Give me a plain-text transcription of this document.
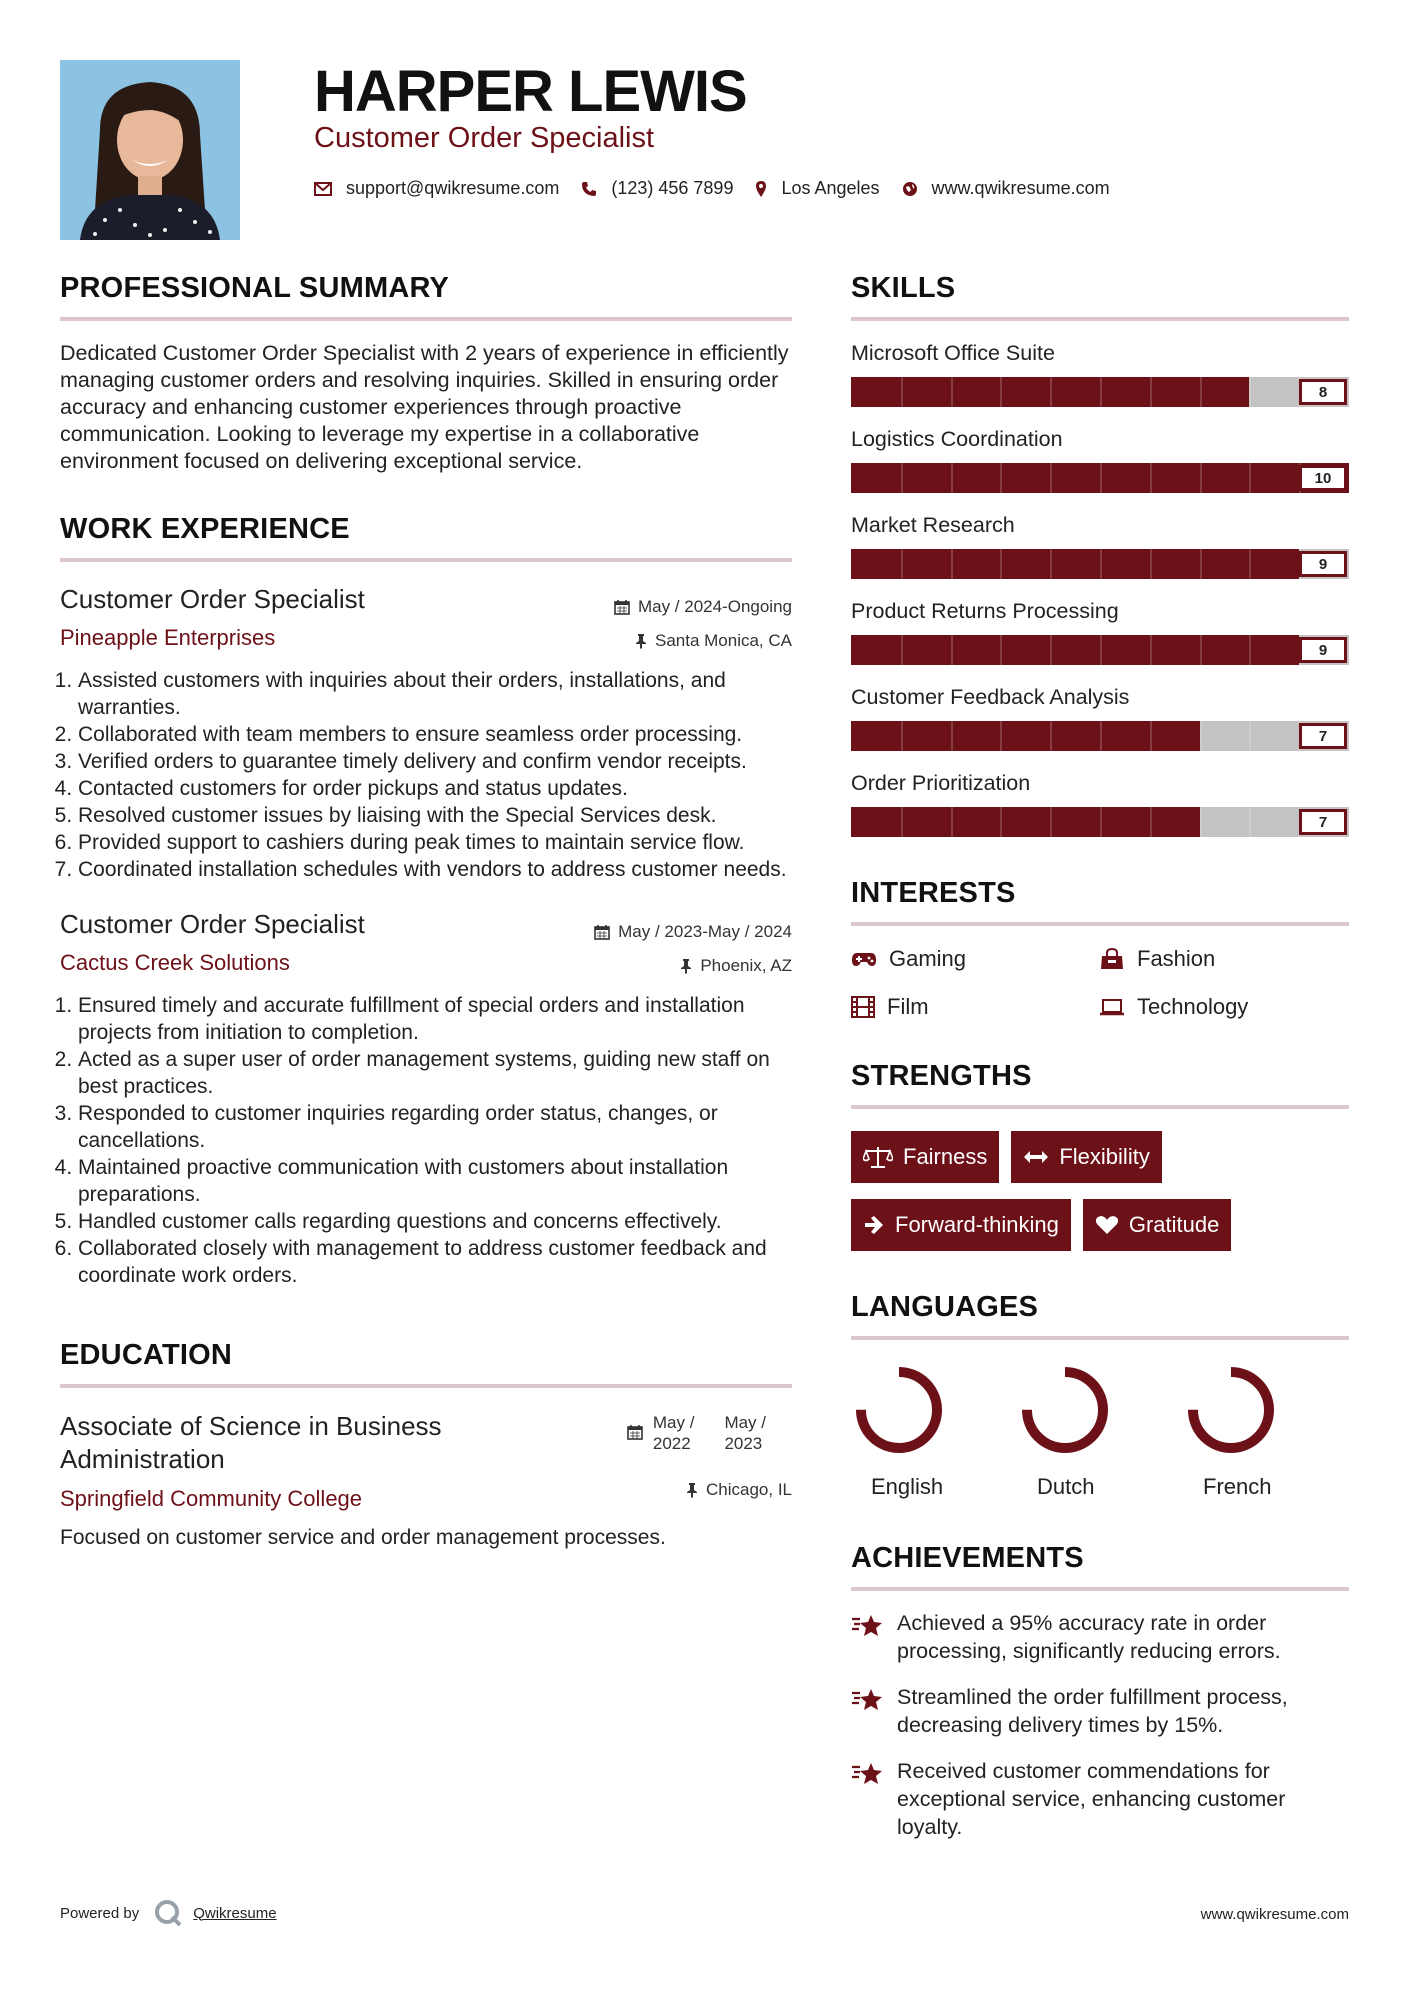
HARPER LEWIS
Customer Order Specialist
support@qwikresume.com	(123) 456 7899	Los Angeles	www.qwikresume.com
PROFESSIONAL SUMMARY

Dedicated Customer Order Specialist with 2 years of experience in efficiently managing customer orders and resolving inquiries. Skilled in ensuring order accuracy and enhancing customer experiences through proactive communication. Looking to leverage my expertise in a collaborative environment focused on delivering exceptional service.

WORK EXPERIENCE
Customer Order Specialist
Pineapple Enterprises
May / 2024-Ongoing
Santa Monica, CA
1. Assisted customers with inquiries about their orders, installations, and warranties.
2. Collaborated with team members to ensure seamless order processing.
3. Verified orders to guarantee timely delivery and confirm vendor receipts.
4. Contacted customers for order pickups and status updates.
5. Resolved customer issues by liaising with the Special Services desk.
6. Provided support to cashiers during peak times to maintain service flow.
7. Coordinated installation schedules with vendors to address customer needs.
Customer Order Specialist
Cactus Creek Solutions
May / 2023-May / 2024
Phoenix, AZ
1. Ensured timely and accurate fulfillment of special orders and installation projects from initiation to completion.
2. Acted as a super user of order management systems, guiding new staff on best practices.
3. Responded to customer inquiries regarding order status, changes, or cancellations.
4. Maintained proactive communication with customers about installation preparations.
5. Handled customer calls regarding questions and concerns effectively.
6. Collaborated closely with management to address customer feedback and coordinate work orders.
EDUCATION
Associate of Science in Business Administration
Springfield Community College
May /
2022
May /
2023
Chicago, IL
Focused on customer service and order management processes.
SKILLS
Microsoft Office Suite
8
Logistics Coordination
10
Market Research
9
Product Returns Processing
9
Customer Feedback Analysis
7
Order Prioritization
7
INTERESTS
Gaming	Fashion
Film	Technology
STRENGTHS
Fairness	Flexibility
Forward-thinking	Gratitude
LANGUAGES
English	Dutch	French
ACHIEVEMENTS
Achieved a 95% accuracy rate in order processing, significantly reducing errors.
Streamlined the order fulfillment process, decreasing delivery times by 15%.
Received customer commendations for exceptional service, enhancing customer loyalty.
Powered by	Qwikresume	www.qwikresume.com
